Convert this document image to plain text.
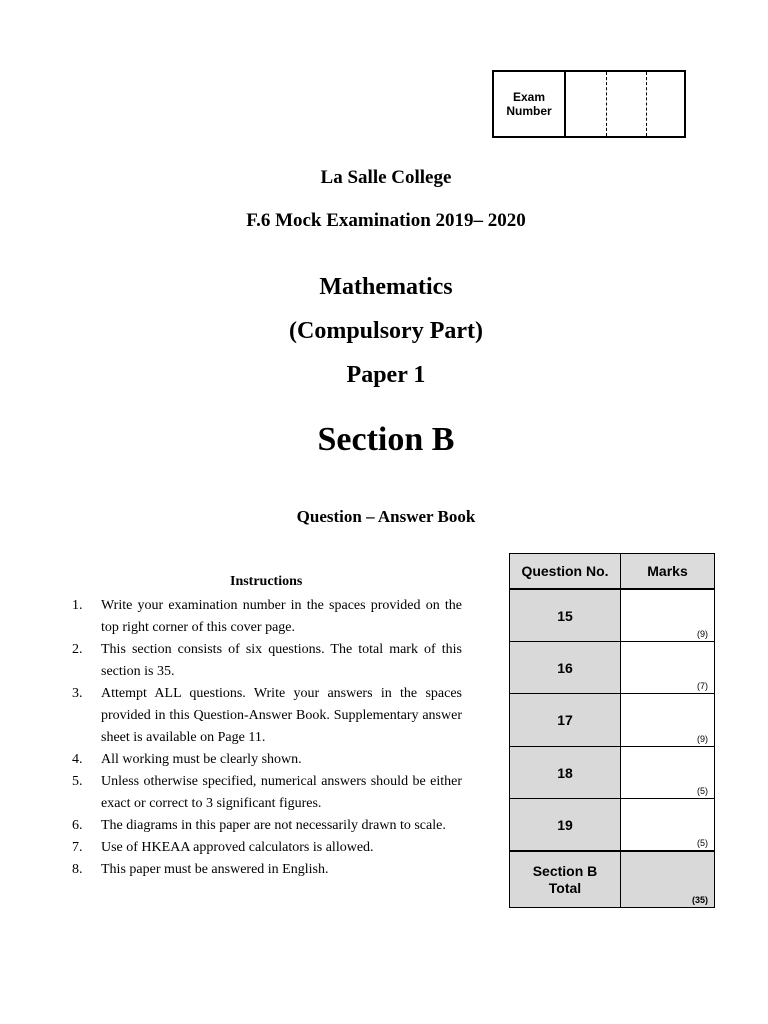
Exam
Number
La Salle College
F.6 Mock Examination 2019– 2020
Mathematics
(Compulsory Part)
Paper 1
Section B
Question – Answer Book
Instructions
1. Write your examination number in the spaces provided on the top right corner of this cover page.
2. This section consists of six questions. The total mark of this section is 35.
3. Attempt ALL questions. Write your answers in the spaces provided in this Question-Answer Book. Supplementary answer sheet is available on Page 11.
4. All working must be clearly shown.
5. Unless otherwise specified, numerical answers should be either exact or correct to 3 significant figures.
6. The diagrams in this paper are not necessarily drawn to scale.
7. Use of HKEAA approved calculators is allowed.
8. This paper must be answered in English.
Question No.	Marks
15
(9)
16
(7)
17
(9)
18
(5)
19
(5)
Section B
Total
(35)
